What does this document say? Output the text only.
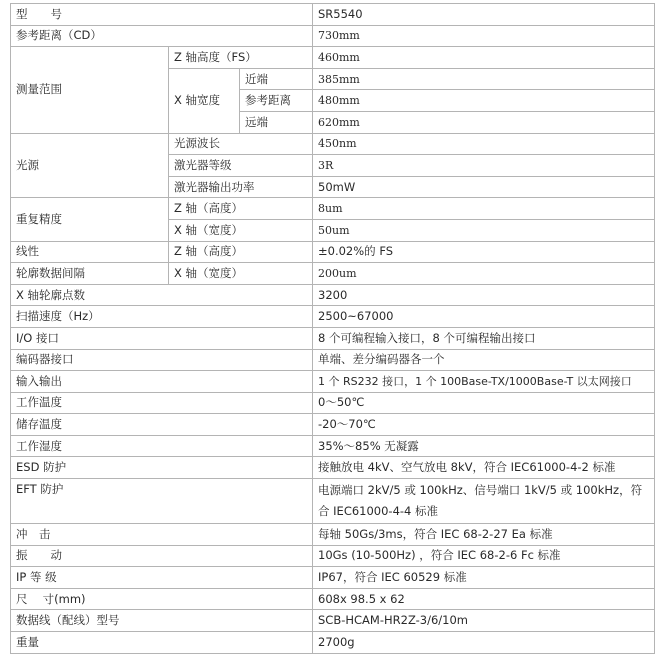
型　　号			SR5540
参考距离（CD）			730mm
测量范围	Z 轴高度（FS）		460mm
	X 轴宽度	近端	385mm
		参考距离	480mm
		远端	620mm
光源	光源波长		450nm
	激光器等级		3R
	激光器输出功率		50mW
重复精度	Z 轴（高度）		8um
	X 轴（宽度）		50um
线性	Z 轴（高度）		±0.02%的 FS
轮廓数据间隔	X 轴（宽度）		200um
X 轴轮廓点数			3200
扫描速度（Hz）			2500~67000
I/O 接口			8 个可编程输入接口，8 个可编程输出接口
编码器接口			单端、差分编码器各一个
输入输出			1 个 RS232 接口，1 个 100Base-TX/1000Base-T 以太网接口
工作温度			0～50℃
储存温度			-20～70℃
工作湿度			35%～85% 无凝露
ESD 防护			接触放电 4kV、空气放电 8kV，符合 IEC61000-4-2 标准
EFT 防护			电源端口 2kV/5 或 100kHz、信号端口 1kV/5 或 100kHz，符合 IEC61000-4-4 标准
冲　击			每轴 50Gs/3ms，符合 IEC 68-2-27 Ea 标准
振　　动			10Gs (10-500Hz) ，符合 IEC 68-2-6 Fc 标准
IP 等 级			IP67，符合 IEC 60529 标准
尺　 寸(mm)			608x 98.5 x 62
数据线（配线）型号			SCB-HCAM-HR2Z-3/6/10m
重量			2700g
